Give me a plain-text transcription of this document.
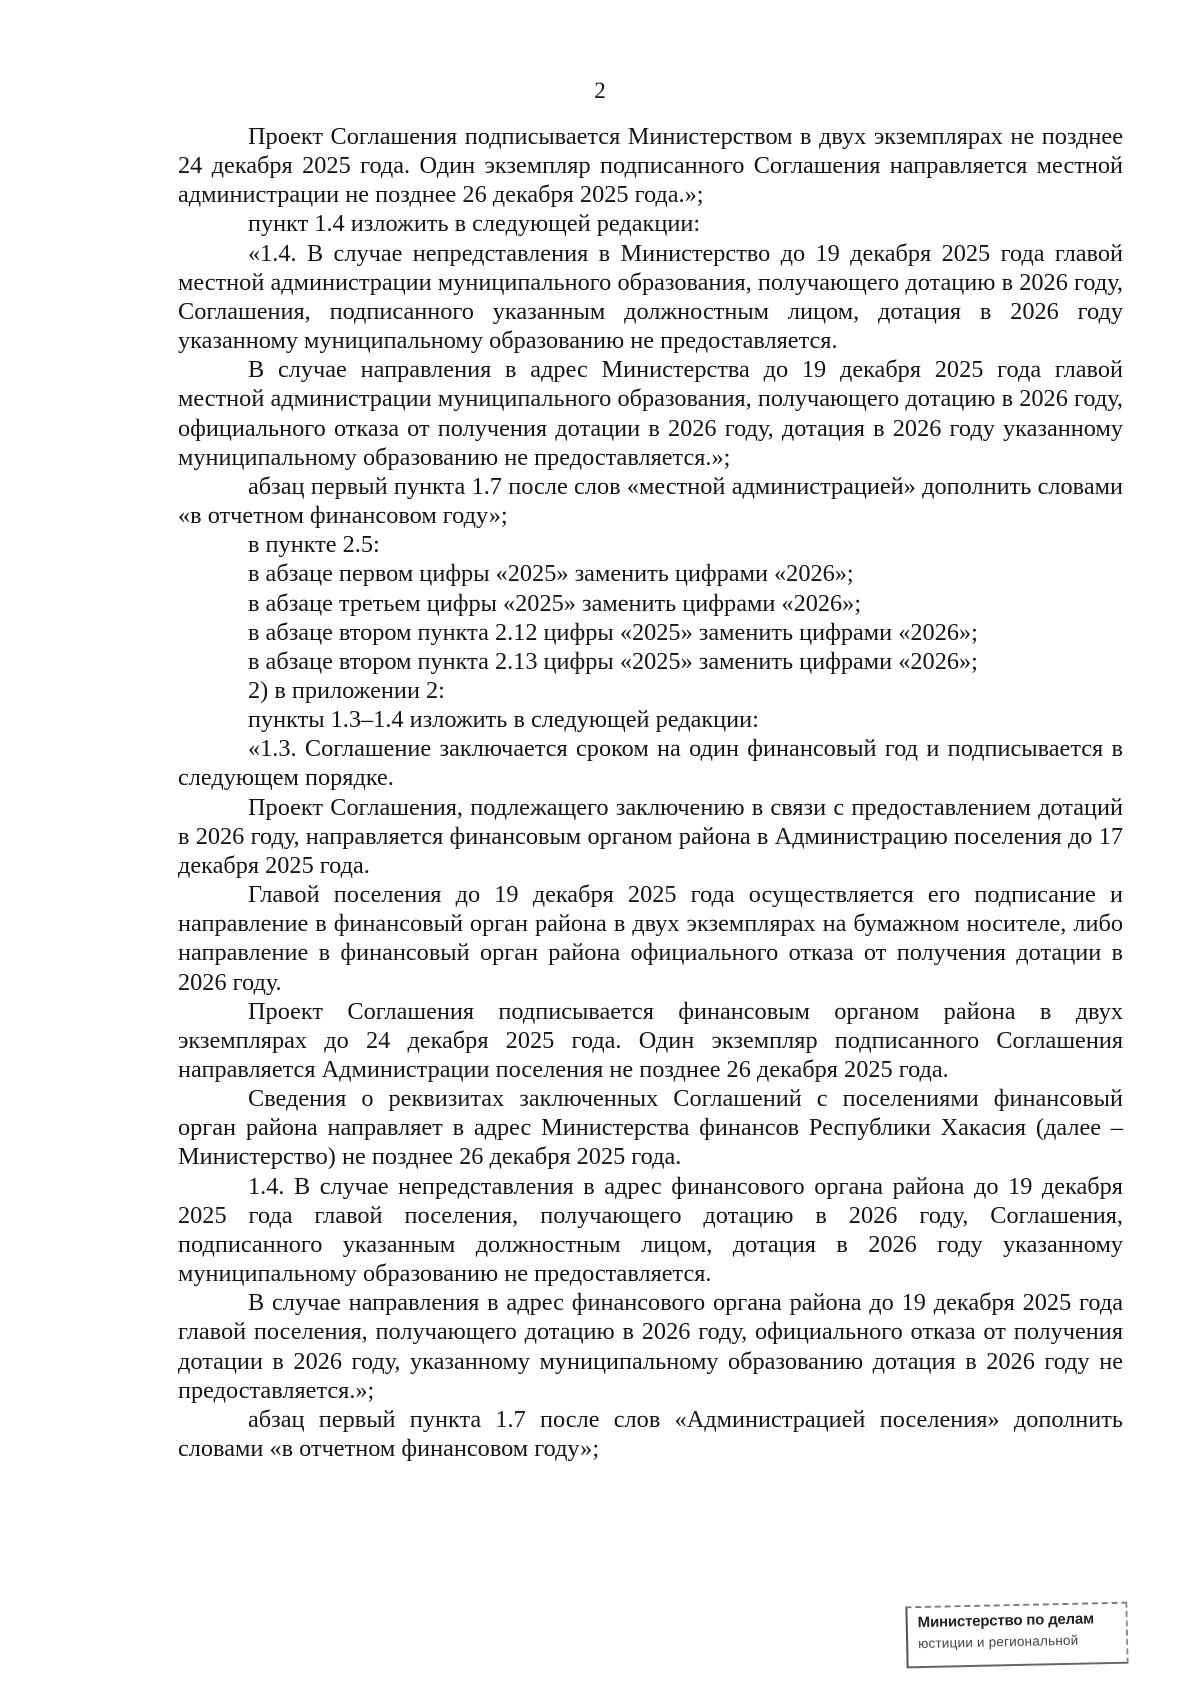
2

Проект Соглашения подписывается Министерством в двух экземплярах не позднее 24 декабря 2025 года. Один экземпляр подписанного Соглашения направляется местной администрации не позднее 26 декабря 2025 года.»;

пункт 1.4 изложить в следующей редакции:

«1.4. В случае непредставления в Министерство до 19 декабря 2025 года главой местной администрации муниципального образования, получающего дотацию в 2026 году, Соглашения, подписанного указанным должностным лицом, дотация в 2026 году указанному муниципальному образованию не предоставляется.

В случае направления в адрес Министерства до 19 декабря 2025 года главой местной администрации муниципального образования, получающего дотацию в 2026 году, официального отказа от получения дотации в 2026 году, дотация в 2026 году указанному муниципальному образованию не предоставляется.»;

абзац первый пункта 1.7 после слов «местной администрацией» дополнить словами «в отчетном финансовом году»;

в пункте 2.5:

в абзаце первом цифры «2025» заменить цифрами «2026»;

в абзаце третьем цифры «2025» заменить цифрами «2026»;

в абзаце втором пункта 2.12 цифры «2025» заменить цифрами «2026»;

в абзаце втором пункта 2.13 цифры «2025» заменить цифрами «2026»;

2) в приложении 2:

пункты 1.3–1.4 изложить в следующей редакции:

«1.3. Соглашение заключается сроком на один финансовый год и подписывается в следующем порядке.

Проект Соглашения, подлежащего заключению в связи с предоставлением дотаций в 2026 году, направляется финансовым органом района в Администрацию поселения до 17 декабря 2025 года.

Главой поселения до 19 декабря 2025 года осуществляется его подписание и направление в финансовый орган района в двух экземплярах на бумажном носителе, либо направление в финансовый орган района официального отказа от получения дотации в 2026 году.

Проект Соглашения подписывается финансовым органом района в двух экземплярах до 24 декабря 2025 года. Один экземпляр подписанного Соглашения направляется Администрации поселения не позднее 26 декабря 2025 года.

Сведения о реквизитах заключенных Соглашений с поселениями финансовый орган района направляет в адрес Министерства финансов Республики Хакасия (далее – Министерство) не позднее 26 декабря 2025 года.

1.4. В случае непредставления в адрес финансового органа района до 19 декабря 2025 года главой поселения, получающего дотацию в 2026 году, Соглашения, подписанного указанным должностным лицом, дотация в 2026 году указанному муниципальному образованию не предоставляется.

В случае направления в адрес финансового органа района до 19 декабря 2025 года главой поселения, получающего дотацию в 2026 году, официального отказа от получения дотации в 2026 году, указанному муниципальному образованию дотация в 2026 году не предоставляется.»;

абзац первый пункта 1.7 после слов «Администрацией поселения» дополнить словами «в отчетном финансовом году»;

Министерство по делам
юстиции и региональной
